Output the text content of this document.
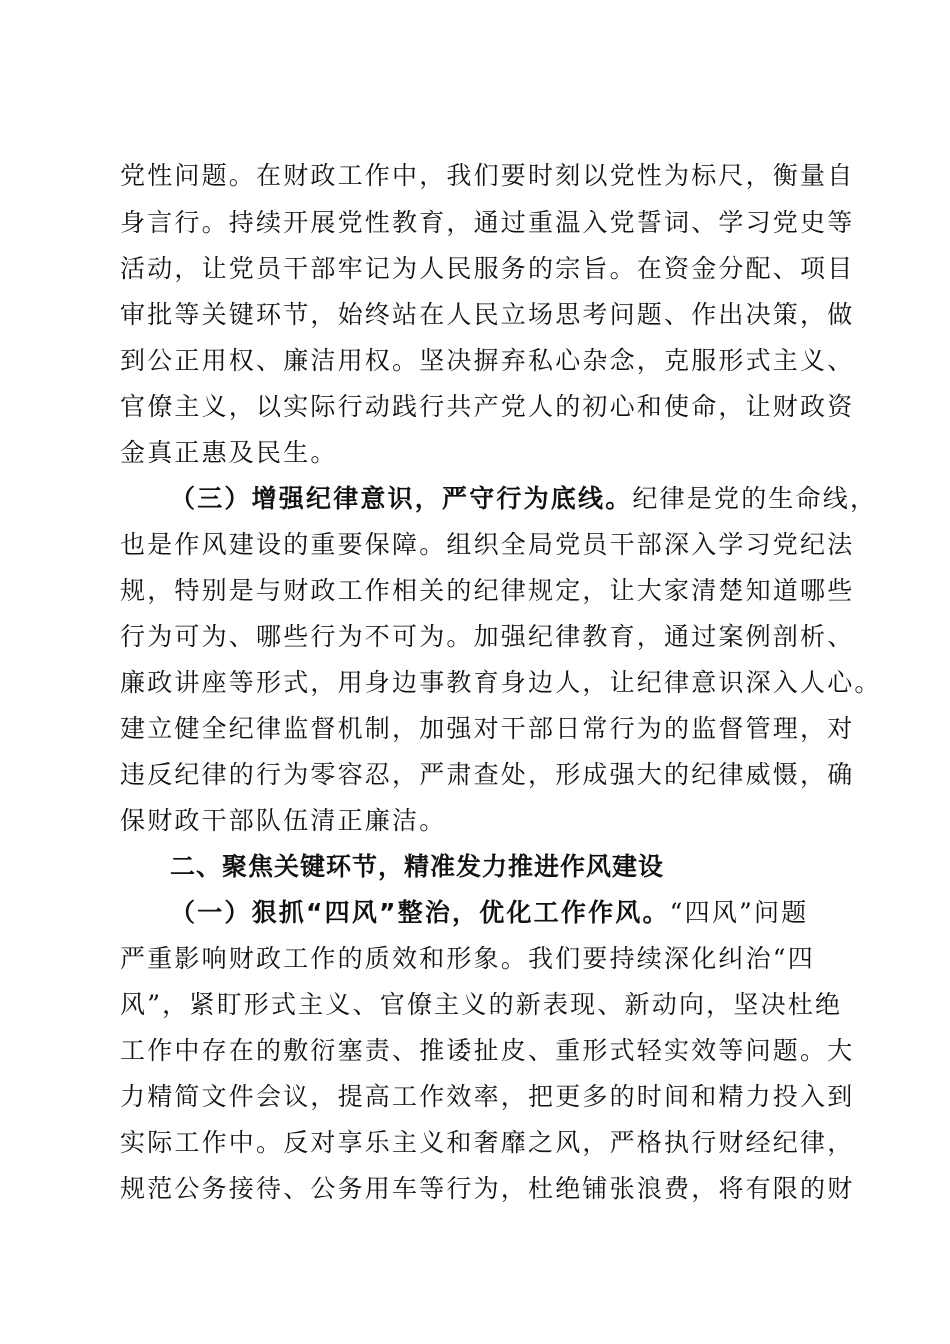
党性问题。在财政工作中，我们要时刻以党性为标尺，衡量自
身言行。持续开展党性教育，通过重温入党誓词、学习党史等
活动，让党员干部牢记为人民服务的宗旨。在资金分配、项目
审批等关键环节，始终站在人民立场思考问题、作出决策，做
到公正用权、廉洁用权。坚决摒弃私心杂念，克服形式主义、
官僚主义，以实际行动践行共产党人的初心和使命，让财政资
金真正惠及民生。
（三）增强纪律意识，严守行为底线。纪律是党的生命线，
也是作风建设的重要保障。组织全局党员干部深入学习党纪法
规，特别是与财政工作相关的纪律规定，让大家清楚知道哪些
行为可为、哪些行为不可为。加强纪律教育，通过案例剖析、
廉政讲座等形式，用身边事教育身边人，让纪律意识深入人心。
建立健全纪律监督机制，加强对干部日常行为的监督管理，对
违反纪律的行为零容忍，严肃查处，形成强大的纪律威慑，确
保财政干部队伍清正廉洁。
二、聚焦关键环节，精准发力推进作风建设
（一）狠抓“四风”整治，优化工作作风。“四风”问题
严重影响财政工作的质效和形象。我们要持续深化纠治“四
风”，紧盯形式主义、官僚主义的新表现、新动向，坚决杜绝
工作中存在的敷衍塞责、推诿扯皮、重形式轻实效等问题。大
力精简文件会议，提高工作效率，把更多的时间和精力投入到
实际工作中。反对享乐主义和奢靡之风，严格执行财经纪律，
规范公务接待、公务用车等行为，杜绝铺张浪费，将有限的财
